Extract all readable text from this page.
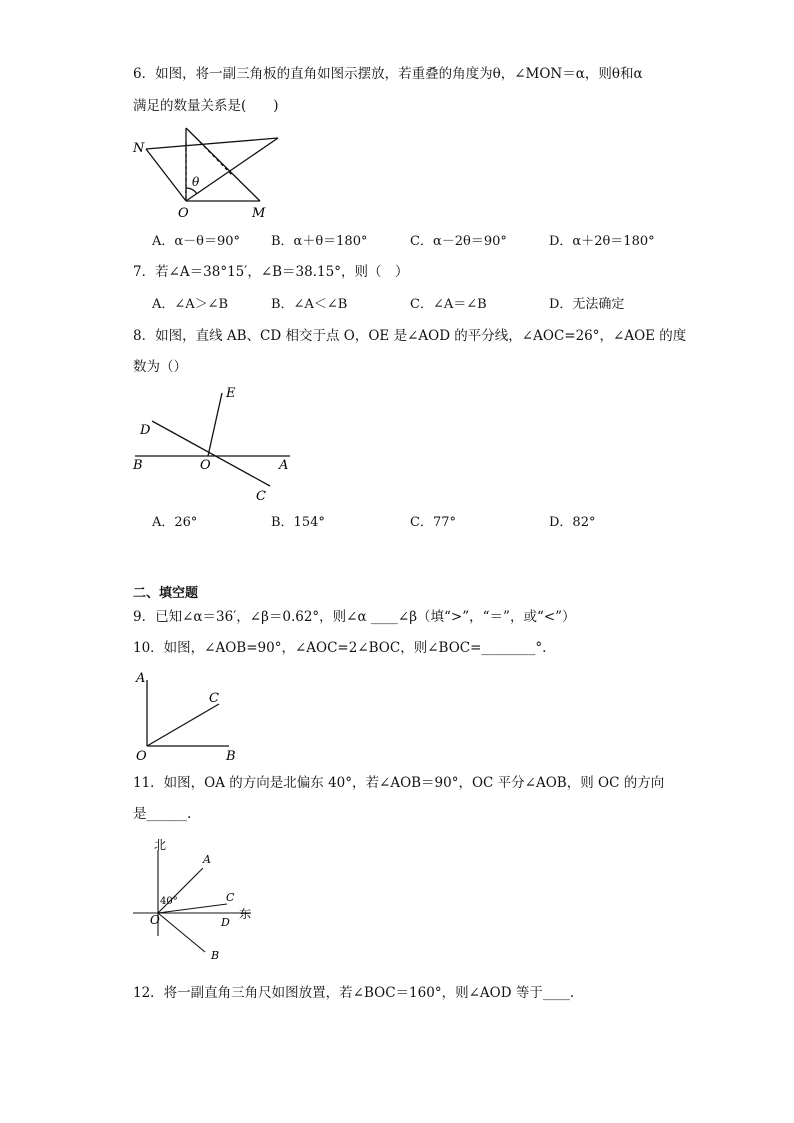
6．如图，将一副三角板的直角如图示摆放，若重叠的角度为θ，∠MON＝α，则θ和α
满足的数量关系是(　　)
N
O	M
θ
A．α－θ＝90° B．α＋θ＝180°	C．α－2θ＝90°	D．α＋2θ＝180°
7．若∠A＝38°15′，∠B＝38.15°，则（　）
A．∠A＞∠B	B．∠A＜∠B	C．∠A＝∠B	D．无法确定
8．如图，直线 AB、CD 相交于点 O，OE 是∠AOD 的平分线，∠AOC=26°，∠AOE 的度
数为（）
E
D
B	O	A
C
A．26°	B．154°	C．77°	D．82°
二、填空题
9．已知∠α＝36′，∠β＝0.62°，则∠α ____∠β（填“>”，“＝”，或“<”）
10．如图，∠AOB=90°，∠AOC=2∠BOC，则∠BOC=________°.
A
C
O	B
11．如图，OA 的方向是北偏东 40°，若∠AOB＝90°，OC 平分∠AOB，则 OC 的方向
是______.
北
东
40°
O
A
C
D
B
12．将一副直角三角尺如图放置，若∠BOC＝160°，则∠AOD 等于____.
